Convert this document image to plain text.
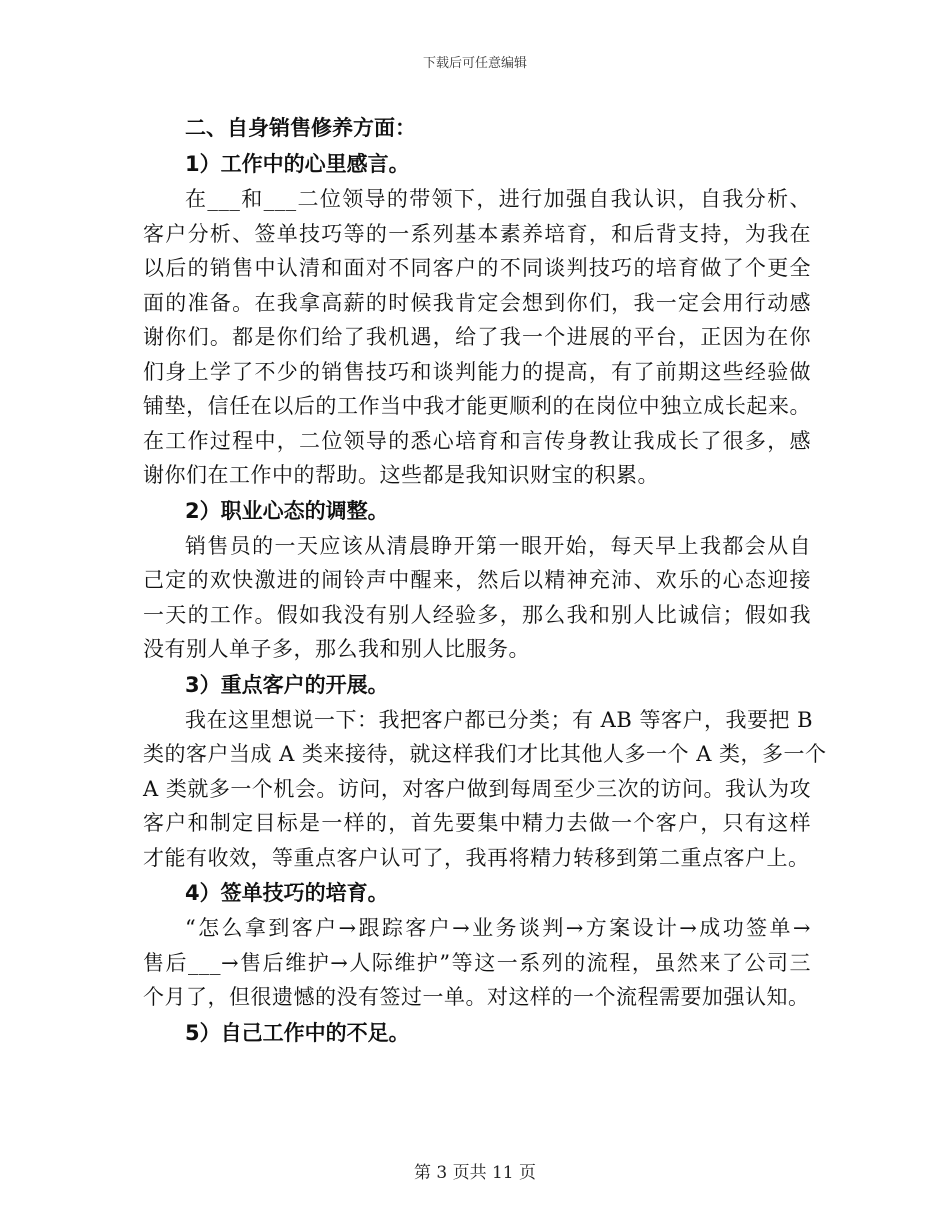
下载后可任意编辑
二、自身销售修养方面：
1）工作中的心里感言。
在___和___二位领导的带领下，进行加强自我认识，自我分析、
客户分析、签单技巧等的一系列基本素养培育，和后背支持，为我在
以后的销售中认清和面对不同客户的不同谈判技巧的培育做了个更全
面的准备。在我拿高薪的时候我肯定会想到你们，我一定会用行动感
谢你们。都是你们给了我机遇，给了我一个进展的平台，正因为在你
们身上学了不少的销售技巧和谈判能力的提高，有了前期这些经验做
铺垫，信任在以后的工作当中我才能更顺利的在岗位中独立成长起来。
在工作过程中，二位领导的悉心培育和言传身教让我成长了很多，感
谢你们在工作中的帮助。这些都是我知识财宝的积累。
2）职业心态的调整。
销售员的一天应该从清晨睁开第一眼开始，每天早上我都会从自
己定的欢快激进的闹铃声中醒来，然后以精神充沛、欢乐的心态迎接
一天的工作。假如我没有别人经验多，那么我和别人比诚信；假如我
没有别人单子多，那么我和别人比服务。
3）重点客户的开展。
我在这里想说一下：我把客户都已分类；有 AB 等客户，我要把 B
类的客户当成 A 类来接待，就这样我们才比其他人多一个 A 类，多一个
A 类就多一个机会。访问，对客户做到每周至少三次的访问。我认为攻
客户和制定目标是一样的，首先要集中精力去做一个客户，只有这样
才能有收效，等重点客户认可了，我再将精力转移到第二重点客户上。
4）签单技巧的培育。
“怎么拿到客户→跟踪客户→业务谈判→方案设计→成功签单→
售后___→售后维护→人际维护”等这一系列的流程，虽然来了公司三
个月了，但很遗憾的没有签过一单。对这样的一个流程需要加强认知。
5）自己工作中的不足。
第 3 页共 11 页
